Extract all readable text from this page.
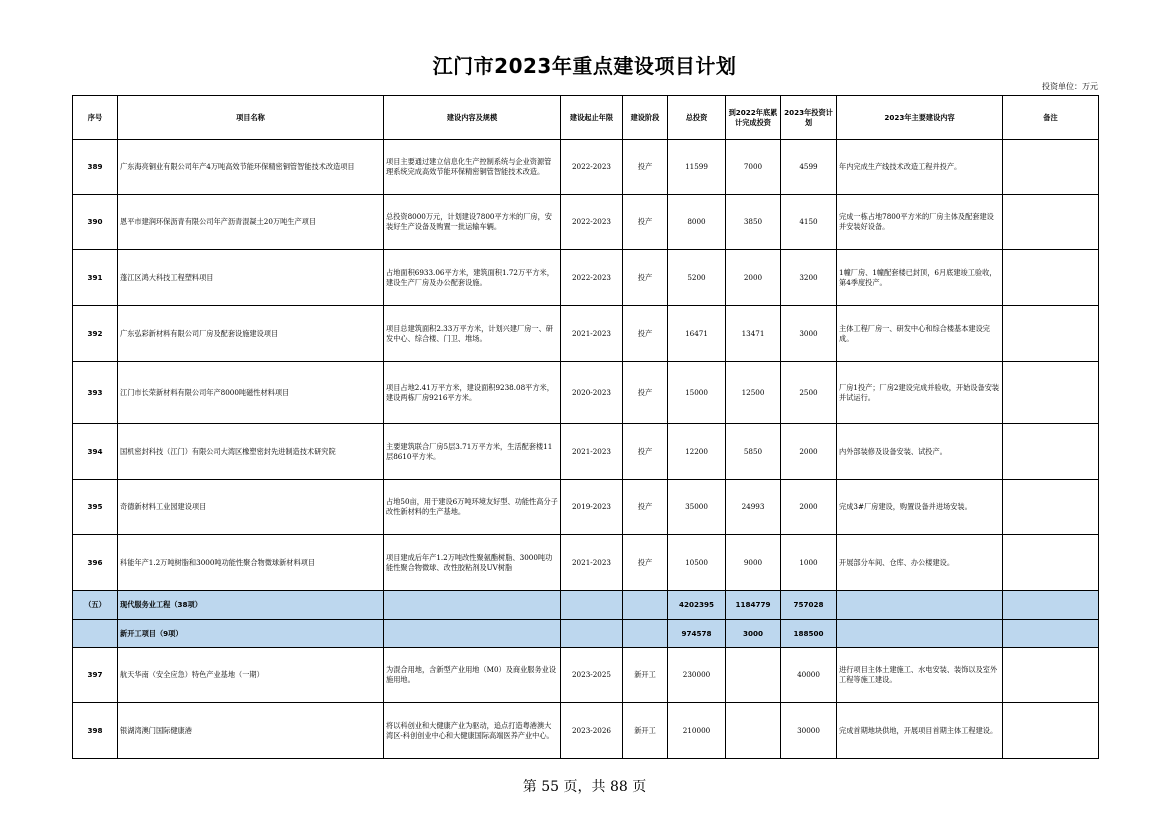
江门市2023年重点建设项目计划
投资单位：万元
序号	项目名称	建设内容及规模	建设起止年限	建设阶段	总投资	到2022年底累计完成投资	2023年投资计划	2023年主要建设内容	备注
389	广东海亮铜业有限公司年产4万吨高效节能环保精密铜管智能技术改造项目	项目主要通过建立信息化生产控制系统与企业资源管理系统完成高效节能环保精密铜管智能技术改造。	2022-2023	投产	11599	7000	4599	年内完成生产线技术改造工程并投产。	
390	恩平市建润环保沥青有限公司年产沥青混凝土20万吨生产项目	总投资8000万元，计划建设7800平方米的厂房，安装好生产设备及购置一批运输车辆。	2022-2023	投产	8000	3850	4150	完成一栋占地7800平方米的厂房主体及配套建设并安装好设备。	
391	蓬江区鸿大科技工程塑料项目	占地面积6933.06平方米，建筑面积1.72万平方米，建设生产厂房及办公配套设施。	2022-2023	投产	5200	2000	3200	1幢厂房、1幢配套楼已封顶，6月底建竣工验收，第4季度投产。	
392	广东弘彩新材料有限公司厂房及配套设施建设项目	项目总建筑面积2.33万平方米，计划兴建厂房一、研发中心、综合楼、门卫、堆场。	2021-2023	投产	16471	13471	3000	主体工程厂房一、研发中心和综合楼基本建设完成。	
393	江门市长荣新材料有限公司年产8000吨磁性材料项目	项目占地2.41万平方米，建设面积9238.08平方米，建设两栋厂房9216平方米。	2020-2023	投产	15000	12500	2500	厂房1投产；厂房2建设完成并验收，开始设备安装并试运行。	
394	国机密封科技（江门）有限公司大湾区橡塑密封先进制造技术研究院	主要建筑联合厂房5层3.71万平方米，生活配套楼11层8610平方米。	2021-2023	投产	12200	5850	2000	内外部装修及设备安装、试投产。	
395	奇德新材料工业园建设项目	占地50亩，用于建设6万吨环境友好型、功能性高分子改性新材料的生产基地。	2019-2023	投产	35000	24993	2000	完成3#厂房建设，购置设备并进场安装。	
396	科能年产1.2万吨树脂和3000吨功能性聚合物微球新材料项目	项目建成后年产1.2万吨改性聚氨酯树脂、3000吨功能性聚合物微球、改性胶粘剂及UV树脂	2021-2023	投产	10500	9000	1000	开展部分车间、仓库、办公楼建设。	
（五）	现代服务业工程（38项）				4202395	1184779	757028		
	新开工项目（9项）				974578	3000	188500		
397	航天华南（安全应急）特色产业基地（一期）	为混合用地，含新型产业用地（M0）及商业服务业设施用地。	2023-2025	新开工	230000		40000	进行项目主体土建施工、水电安装、装饰以及室外工程等施工建设。	
398	银湖湾澳门国际健康港	将以科创业和大健康产业为驱动，追点打造粤港澳大湾区-科创创业中心和大健康国际高端医养产业中心。	2023-2026	新开工	210000		30000	完成首期地块供地，开展项目首期主体工程建设。	
第 55 页，共 88 页
